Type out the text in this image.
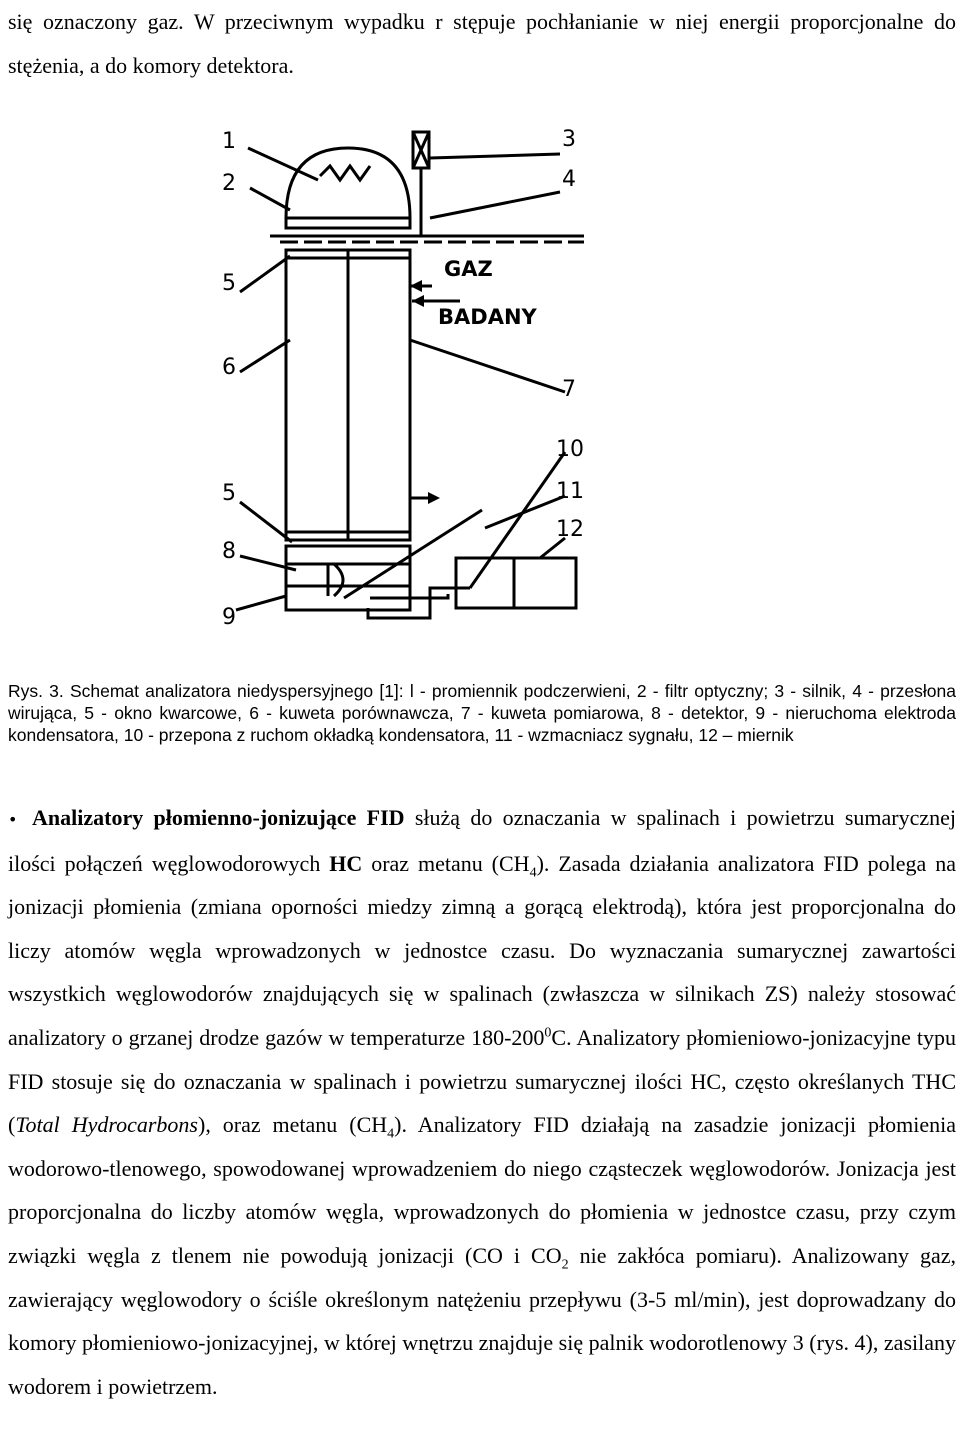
się oznaczony gaz. W przeciwnym wypadku r stępuje pochłanianie w niej energii proporcjonalne do stężenia, a do komory detektora.

1
2
3
4
5
6
7
10
5	11
8
12
9
GAZ
BADANY

Rys. 3. Schemat analizatora niedyspersyjnego [1]: l - promiennik podczerwieni, 2 - filtr optyczny; 3 - silnik, 4 - przesłona wirująca, 5 - okno kwarcowe, 6 - kuweta porównawcza, 7 - kuweta pomiarowa, 8 - detektor, 9 - nieruchoma elektroda kondensatora, 10 - przepona z ruchom okładką kondensatora, 11 - wzmacniacz sygnału, 12 – miernik

• Analizatory płomienno-jonizujące FID służą do oznaczania w spalinach i powietrzu sumarycznej ilości połączeń węglowodorowych HC oraz metanu $(CH_4)$. Zasada działania analizatora FID polega na jonizacji płomienia (zmiana oporności miedzy zimną a gorącą elektrodą), która jest proporcjonalna do liczy atomów węgla wprowadzonych w jednostce czasu. Do wyznaczania sumarycznej zawartości wszystkich węglowodorów znajdujących się w spalinach (zwłaszcza w silnikach ZS) należy stosować analizatory o grzanej drodze gazów w temperaturze $180-200^0C$. Analizatory płomieniowo-jonizacyjne typu FID stosuje się do oznaczania w spalinach i powietrzu sumarycznej ilości HC, często określanych THC (Total Hydrocarbons), oraz metanu $(CH_4)$. Analizatory FID działają na zasadzie jonizacji płomienia wodorowo-tlenowego, spowodowanej wprowadzeniem do niego cząsteczek węglowodorów. Jonizacja jest proporcjonalna do liczby atomów węgla, wprowadzonych do płomienia w jednostce czasu, przy czym związki węgla z tlenem nie powodują jonizacji (CO i $CO_2$ nie zakłóca pomiaru). Analizowany gaz, zawierający węglowodory o ściśle określonym natężeniu przepływu (3-5 ml/min), jest doprowadzany do komory płomieniowo-jonizacyjnej, w której wnętrzu znajduje się palnik wodorotlenowy 3 (rys. 4), zasilany wodorem i powietrzem.
